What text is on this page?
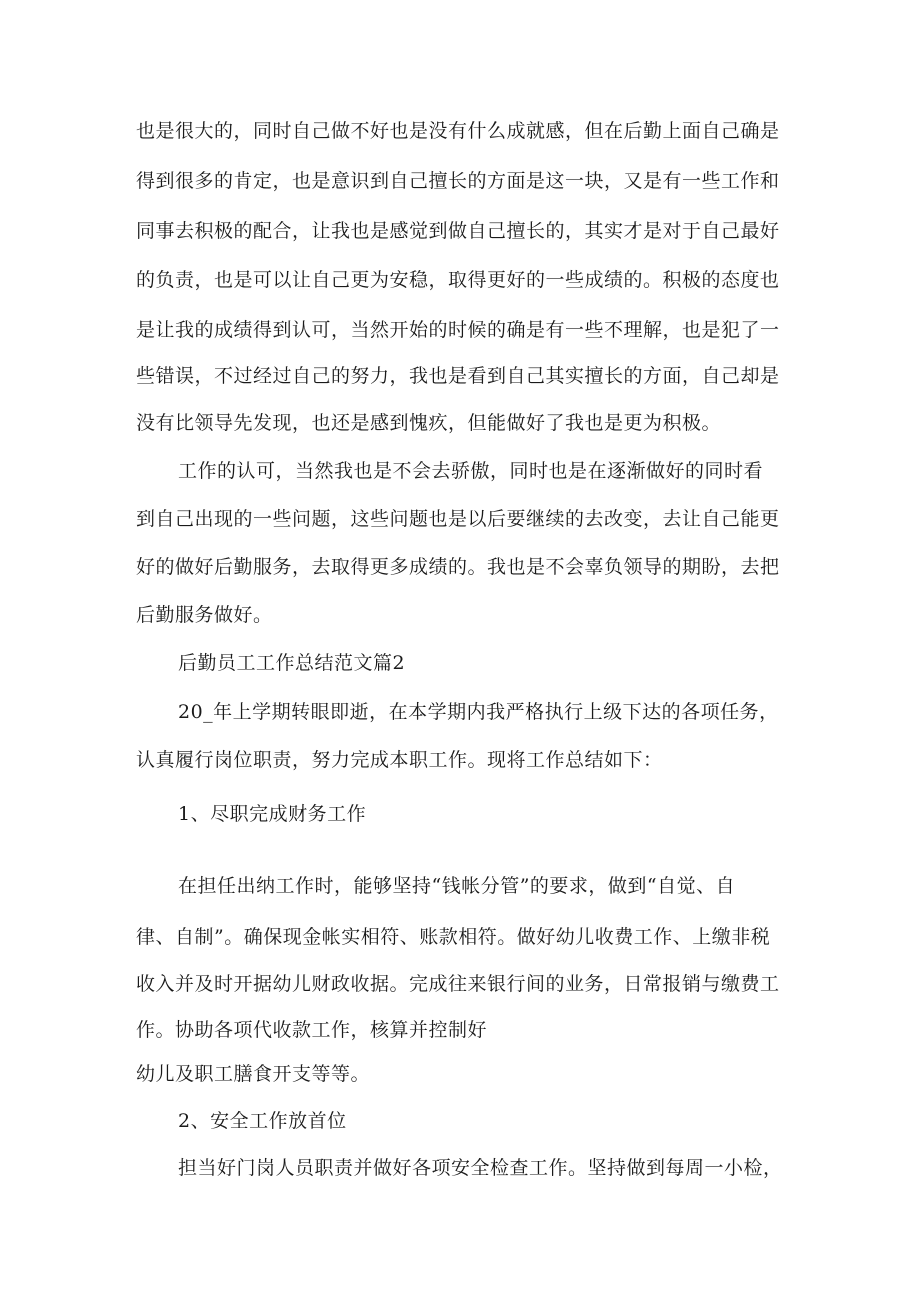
也是很大的，同时自己做不好也是没有什么成就感，但在后勤上面自己确是
得到很多的肯定，也是意识到自己擅长的方面是这一块，又是有一些工作和
同事去积极的配合，让我也是感觉到做自己擅长的，其实才是对于自己最好
的负责，也是可以让自己更为安稳，取得更好的一些成绩的。积极的态度也
是让我的成绩得到认可，当然开始的时候的确是有一些不理解，也是犯了一
些错误，不过经过自己的努力，我也是看到自己其实擅长的方面，自己却是
没有比领导先发现，也还是感到愧疚，但能做好了我也是更为积极。
工作的认可，当然我也是不会去骄傲，同时也是在逐渐做好的同时看
到自己出现的一些问题，这些问题也是以后要继续的去改变，去让自己能更
好的做好后勤服务，去取得更多成绩的。我也是不会辜负领导的期盼，去把
后勤服务做好。
后勤员工工作总结范文篇2
20_年上学期转眼即逝，在本学期内我严格执行上级下达的各项任务，
认真履行岗位职责，努力完成本职工作。现将工作总结如下：
1、尽职完成财务工作
在担任出纳工作时，能够坚持“钱帐分管”的要求，做到“自觉、自
律、自制”。确保现金帐实相符、账款相符。做好幼儿收费工作、上缴非税
收入并及时开据幼儿财政收据。完成往来银行间的业务，日常报销与缴费工
作。协助各项代收款工作，核算并控制好
幼儿及职工膳食开支等等。
2、安全工作放首位
担当好门岗人员职责并做好各项安全检查工作。坚持做到每周一小检，
